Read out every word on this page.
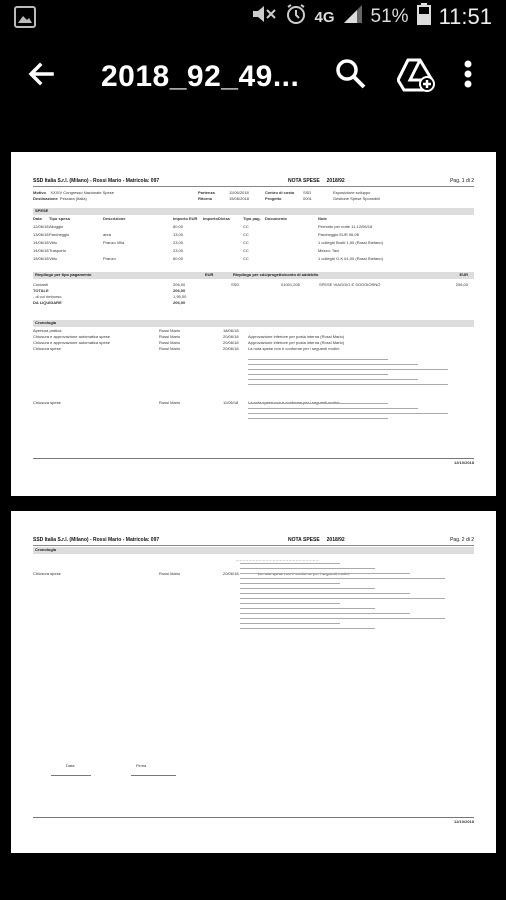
4G 51% 11:51
2018_92_49...
SSD Italia S.r.l. (Milano) - Rossi Mario - Matricola: 097	NOTA SPESE 2018/92	Pag. 1 di 2
Motivo XXXIV Congresso Nazionale Spese	Partenza	11/06/2018	Centro di costo SSD	Esposizione sviluppo
Destinazione Pescara (Italia)	Ritorno	15/06/2018	Progetto	0001	Gestione Spese Sponsibili
SPESE
Data Tipo spesa	Descrizione	Importo EUR Importo Divisa	Tipo pag. Documento	Note
12/06/18 Alloggio	80,00	CC	Pernotto per notte 11-12/06/18
13/06/18 Parcheggio	area	13,00	CC	Parcheggio EUR 06,06
14/06/18 Vitto	Pranzo Villa	23,00	CC	1 colleghi Brutti 1,50 (Rossi Stefano)
14/06/18 Trasporto	23,00	CC	Mezzo: Taxi
15/06/18 Vitto	Pranzo	60,00	CC	1 colleghi G-K 61,00 (Rossi Stefano)
Riepilogo per tipo pagamento	EUR
Contanti	206,00
TOTALE	206,00
- di cui rimborso	1,95,00
DA LIQUIDARE	206,00
Riepilogo per cdc/progetto/conto di addebito	EUR
SSD	01001,205	SPESE VIAGGIO E SOGGIORNO	206,00
Cronologia
Apertura pratica	Rossi Mario	18/06/18
Chiusura e approvazione automatica spese	Rossi Mario	20/06/18 Approvazione inferiore per posta interna (Rossi Mario)
Chiusura e approvazione automatica spese	Rossi Mario	20/06/18 Approvazione inferiore per posta interna (Rossi Mario)
Chiusura spese	Rossi Mario	20/06/18 La nota spese non è conforme per i seguenti motivi:
Chiusura spese	Rossi Mario	11/06/18
12/10/2018
SSD Italia S.r.l. (Milano) - Rossi Mario - Matricola: 097	NOTA SPESE 2018/92	Pag. 2 di 2
Cronologia
– – – – – – – – – – – – – – – – – – – – – – – – –
Chiusura spese	Rossi Mario	20/06/18
Data	Firma
12/10/2018
